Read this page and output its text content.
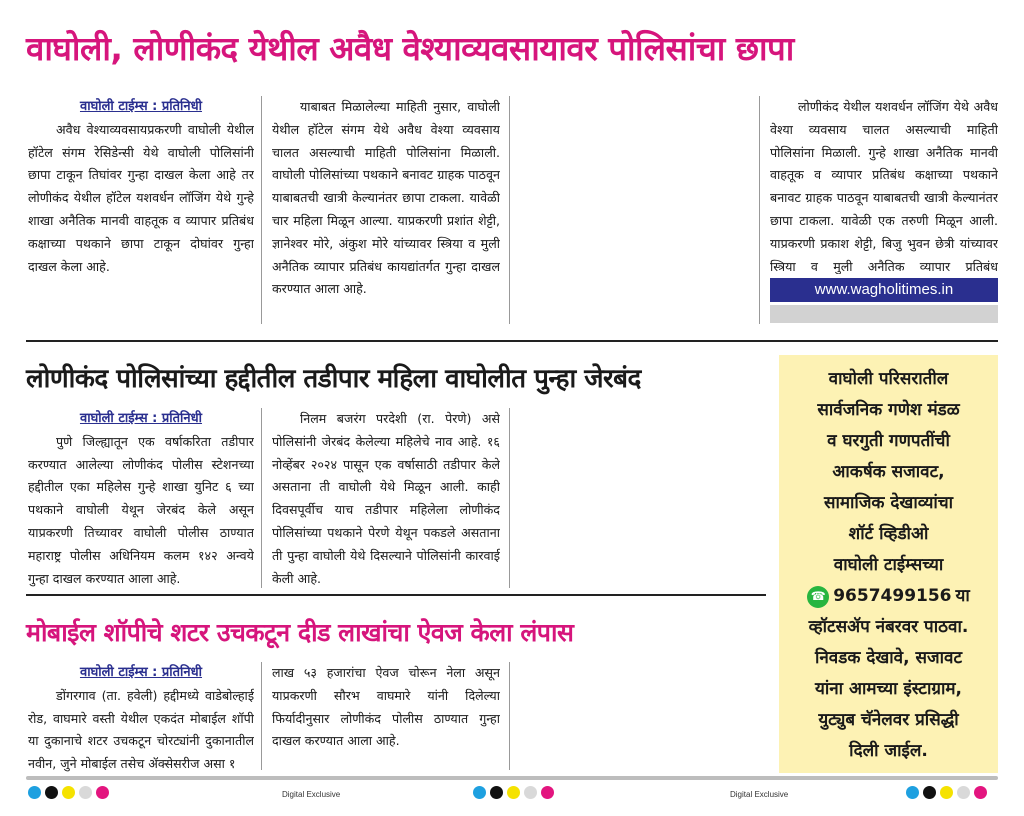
वाघोली, लोणीकंद येथील अवैध वेश्याव्यवसायावर पोलिसांचा छापा
वाघोली टाईम्स : प्रतिनिधी

अवैध वेश्याव्यवसायप्रकरणी वाघोली येथील हॉटेल संगम रेसिडेन्सी येथे वाघोली पोलिसांनी छापा टाकून तिघांवर गुन्हा दाखल केला आहे तर लोणीकंद येथील हॉटेल यशवर्धन लॉजिंग येथे गुन्हे शाखा अनैतिक मानवी वाहतूक व व्यापार प्रतिबंध कक्षाच्या पथकाने छापा टाकून दोघांवर गुन्हा दाखल केला आहे.

याबाबत मिळालेल्या माहिती नुसार, वाघोली येथील हॉटेल संगम येथे अवैध वेश्या व्यवसाय चालत असल्याची माहिती पोलिसांना मिळाली. वाघोली पोलिसांच्या पथकाने बनावट ग्राहक पाठवून याबाबतची खात्री केल्यानंतर छापा टाकला. यावेळी चार महिला मिळून आल्या. याप्रकरणी प्रशांत शेट्टी, ज्ञानेश्वर मोरे, अंकुश मोरे यांच्यावर स्त्रिया व मुली अनैतिक व्यापार प्रतिबंध कायद्यांतर्गत गुन्हा दाखल करण्यात आला आहे.

लोणीकंद येथील यशवर्धन लॉजिंग येथे अवैध वेश्या व्यवसाय चालत असल्याची माहिती पोलिसांना मिळाली. गुन्हे शाखा अनैतिक मानवी वाहतूक व व्यापार प्रतिबंध कक्षाच्या पथकाने बनावट ग्राहक पाठवून याबाबतची खात्री केल्यानंतर छापा टाकला. यावेळी एक तरुणी मिळून आली. याप्रकरणी प्रकाश शेट्टी, बिजु भुवन छेत्री यांच्यावर स्त्रिया व मुली अनैतिक व्यापार प्रतिबंध

www.wagholitimes.in
लोणीकंद पोलिसांच्या हद्दीतील तडीपार महिला वाघोलीत पुन्हा जेरबंद
वाघोली टाईम्स : प्रतिनिधी

पुणे जिल्ह्यातून एक वर्षाकरिता तडीपार करण्यात आलेल्या लोणीकंद पोलीस स्टेशनच्या हद्दीतील एका महिलेस गुन्हे शाखा युनिट ६ च्या पथकाने वाघोली येथून जेरबंद केले असून याप्रकरणी तिच्यावर वाघोली पोलीस ठाण्यात महाराष्ट्र पोलीस अधिनियम कलम १४२ अन्वये गुन्हा दाखल करण्यात आला आहे.

निलम बजरंग परदेशी (रा. पेरणे) असे पोलिसांनी जेरबंद केलेल्या महिलेचे नाव आहे. १६ नोव्हेंबर २०२४ पासून एक वर्षासाठी तडीपार केले असताना ती वाघोली येथे मिळून आली. काही दिवसपूर्वीच याच तडीपार महिलेला लोणीकंद पोलिसांच्या पथकाने पेरणे येथून पकडले असताना ती पुन्हा वाघोली येथे दिसल्याने पोलिसांनी कारवाई केली आहे.

मोबाईल शॉपीचे शटर उचकटून दीड लाखांचा ऐवज केला लंपास
वाघोली टाईम्स : प्रतिनिधी

डोंगरगाव (ता. हवेली) हद्दीमध्ये वाडेबोल्हाई रोड, वाघमारे वस्ती येथील एकदंत मोबाईल शॉपी या दुकानाचे शटर उचकटून चोरट्यांनी दुकानातील नवीन, जुने मोबाईल तसेच ॲक्सेसरीज असा १

लाख ५३ हजारांचा ऐवज चोरून नेला असून याप्रकरणी सौरभ वाघमारे यांनी दिलेल्या फिर्यादीनुसार लोणीकंद पोलीस ठाण्यात गुन्हा दाखल करण्यात आला आहे.

वाघोली परिसरातील
सार्वजनिक गणेश मंडळ
व घरगुती गणपतींची
आकर्षक सजावट,
सामाजिक देखाव्यांचा
शॉर्ट व्हिडीओ
वाघोली टाईम्सच्या
☎ 9657499156 या
व्हॉटसॲप नंबरवर पाठवा.
निवडक देखावे, सजावट
यांना आमच्या इंस्टाग्राम,
युट्युब चॅनेलवर प्रसिद्धी
दिली जाईल.
Digital Exclusive	Digital Exclusive
